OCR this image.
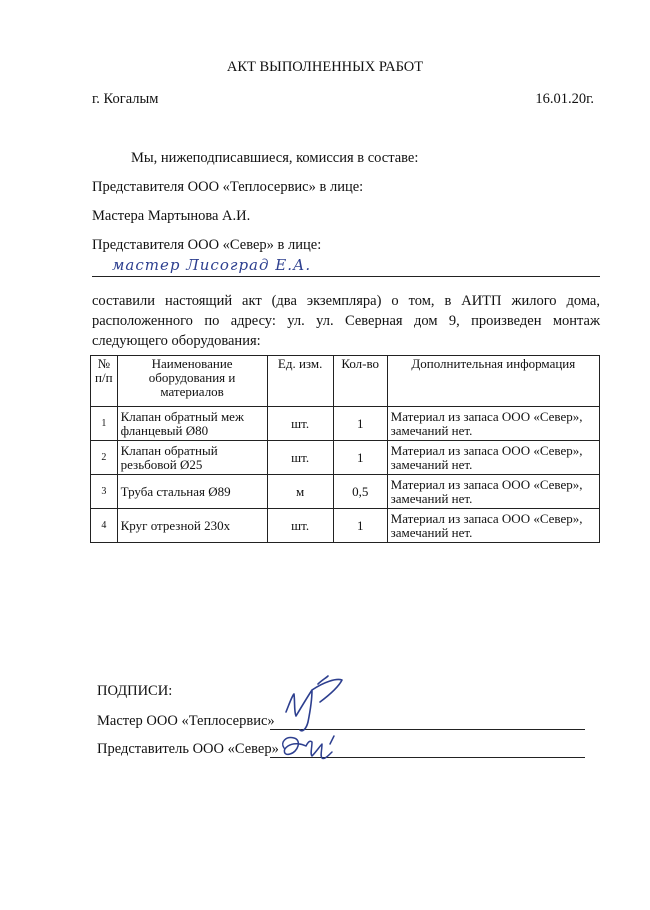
АКТ ВЫПОЛНЕННЫХ РАБОТ
г. Когалым	16.01.20г.
Мы, нижеподписавшиеся, комиссия в составе:
Представителя ООО «Теплосервис» в лице:
Мастера Мартынова А.И.
Представителя ООО «Север» в лице:
мастер Лисоград Е.А.
составили настоящий акт (два экземпляра) о том, в АИТП жилого дома, расположенного по адресу: ул. ул. Северная дом 9, произведен монтаж следующего оборудования:
№ п/п	Наименование оборудования и материалов	Ед. изм.	Кол-во	Дополнительная информация
1	Клапан обратный меж фланцевый Ø80	шт.	1	Материал из запаса ООО «Север», замечаний нет.
2	Клапан обратный резьбовой Ø25	шт.	1	Материал из запаса ООО «Север», замечаний нет.
3	Труба стальная Ø89	м	0,5	Материал из запаса ООО «Север», замечаний нет.
4	Круг отрезной 230х	шт.	1	Материал из запаса ООО «Север», замечаний нет.
ПОДПИСИ:
Мастер ООО «Теплосервис»
Представитель ООО «Север»
